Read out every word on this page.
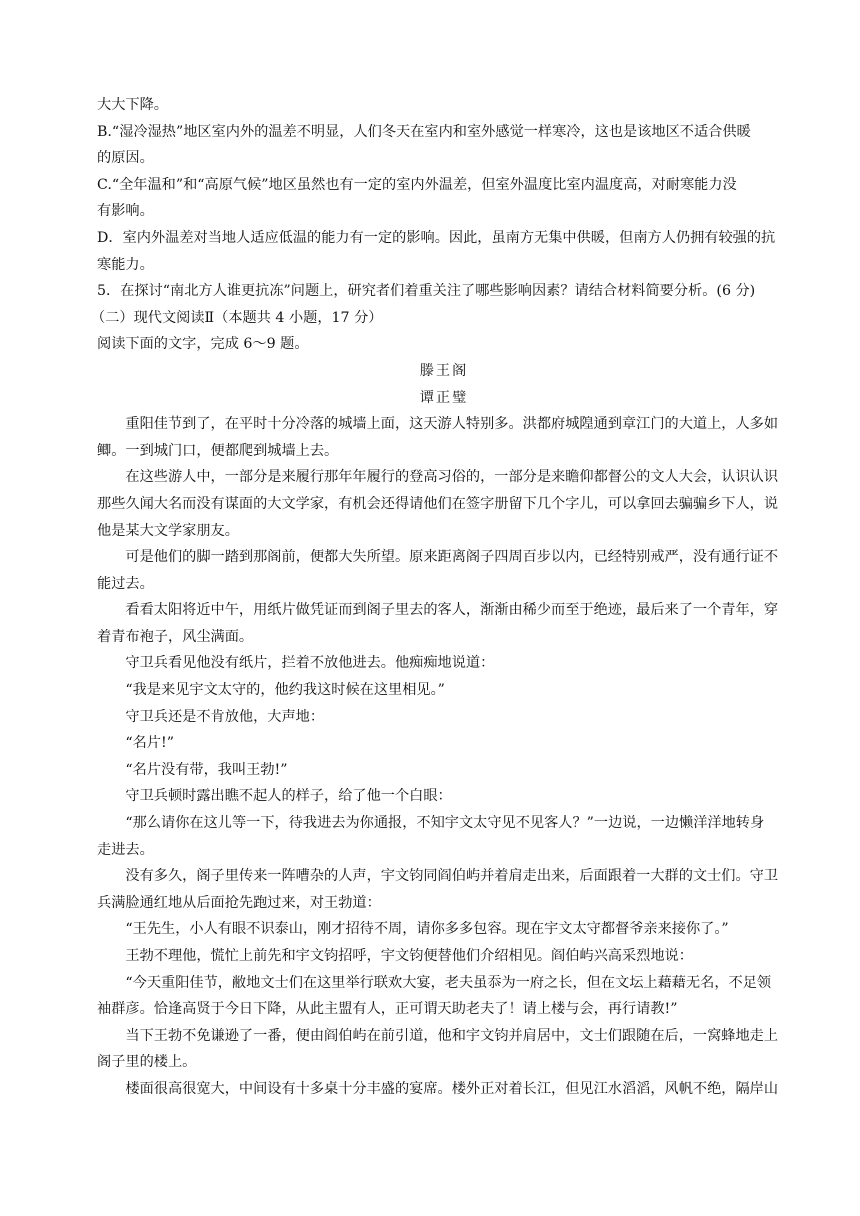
大大下降。

B.“湿冷湿热”地区室内外的温差不明显，人们冬天在室内和室外感觉一样寒冷，这也是该地区不适合供暖

的原因。

C.“全年温和”和“高原气候”地区虽然也有一定的室内外温差，但室外温度比室内温度高，对耐寒能力没

有影响。

D．室内外温差对当地人适应低温的能力有一定的影响。因此，虽南方无集中供暖，但南方人仍拥有较强的抗

寒能力。

5．在探讨“南北方人谁更抗冻”问题上，研究者们着重关注了哪些影响因素？请结合材料简要分析。(6 分)

（二）现代文阅读Ⅱ（本题共 4 小题，17 分）

阅读下面的文字，完成 6～9 题。

滕王阁

谭正璧

重阳佳节到了，在平时十分冷落的城墙上面，这天游人特别多。洪都府城隍通到章江门的大道上，人多如

鲫。一到城门口，便都爬到城墙上去。

在这些游人中，一部分是来履行那年年履行的登高习俗的，一部分是来瞻仰都督公的文人大会，认识认识

那些久闻大名而没有谋面的大文学家，有机会还得请他们在签字册留下几个字儿，可以拿回去骗骗乡下人，说

他是某大文学家朋友。

可是他们的脚一踏到那阁前，便都大失所望。原来距离阁子四周百步以内，已经特别戒严，没有通行证不

能过去。

看看太阳将近中午，用纸片做凭证而到阁子里去的客人，渐渐由稀少而至于绝迹，最后来了一个青年，穿

着青布袍子，风尘满面。

守卫兵看见他没有纸片，拦着不放他进去。他痴痴地说道：

“我是来见宇文太守的，他约我这时候在这里相见。”

守卫兵还是不肯放他，大声地：

“名片!”

“名片没有带，我叫王勃!”

守卫兵顿时露出瞧不起人的样子，给了他一个白眼：

“那么请你在这儿等一下，待我进去为你通报，不知宇文太守见不见客人？”一边说，一边懒洋洋地转身

走进去。

没有多久，阁子里传来一阵嘈杂的人声，宇文钧同阎伯屿并着肩走出来，后面跟着一大群的文士们。守卫

兵满脸通红地从后面抢先跑过来，对王勃道：

“王先生，小人有眼不识泰山，刚才招待不周，请你多多包容。现在宇文太守都督爷亲来接你了。”

王勃不理他，慌忙上前先和宇文钧招呼，宇文钧便替他们介绍相见。阎伯屿兴高采烈地说：

“今天重阳佳节，敝地文士们在这里举行联欢大宴，老夫虽忝为一府之长，但在文坛上藉藉无名，不足领

袖群彦。恰逢高贤于今日下降，从此主盟有人，正可谓天助老夫了！请上楼与会，再行请教!”

当下王勃不免谦逊了一番，便由阎伯屿在前引道，他和宇文钧并肩居中，文士们跟随在后，一窝蜂地走上

阁子里的楼上。

楼面很高很宽大，中间设有十多桌十分丰盛的宴席。楼外正对着长江，但见江水滔滔，风帆不绝，隔岸山
